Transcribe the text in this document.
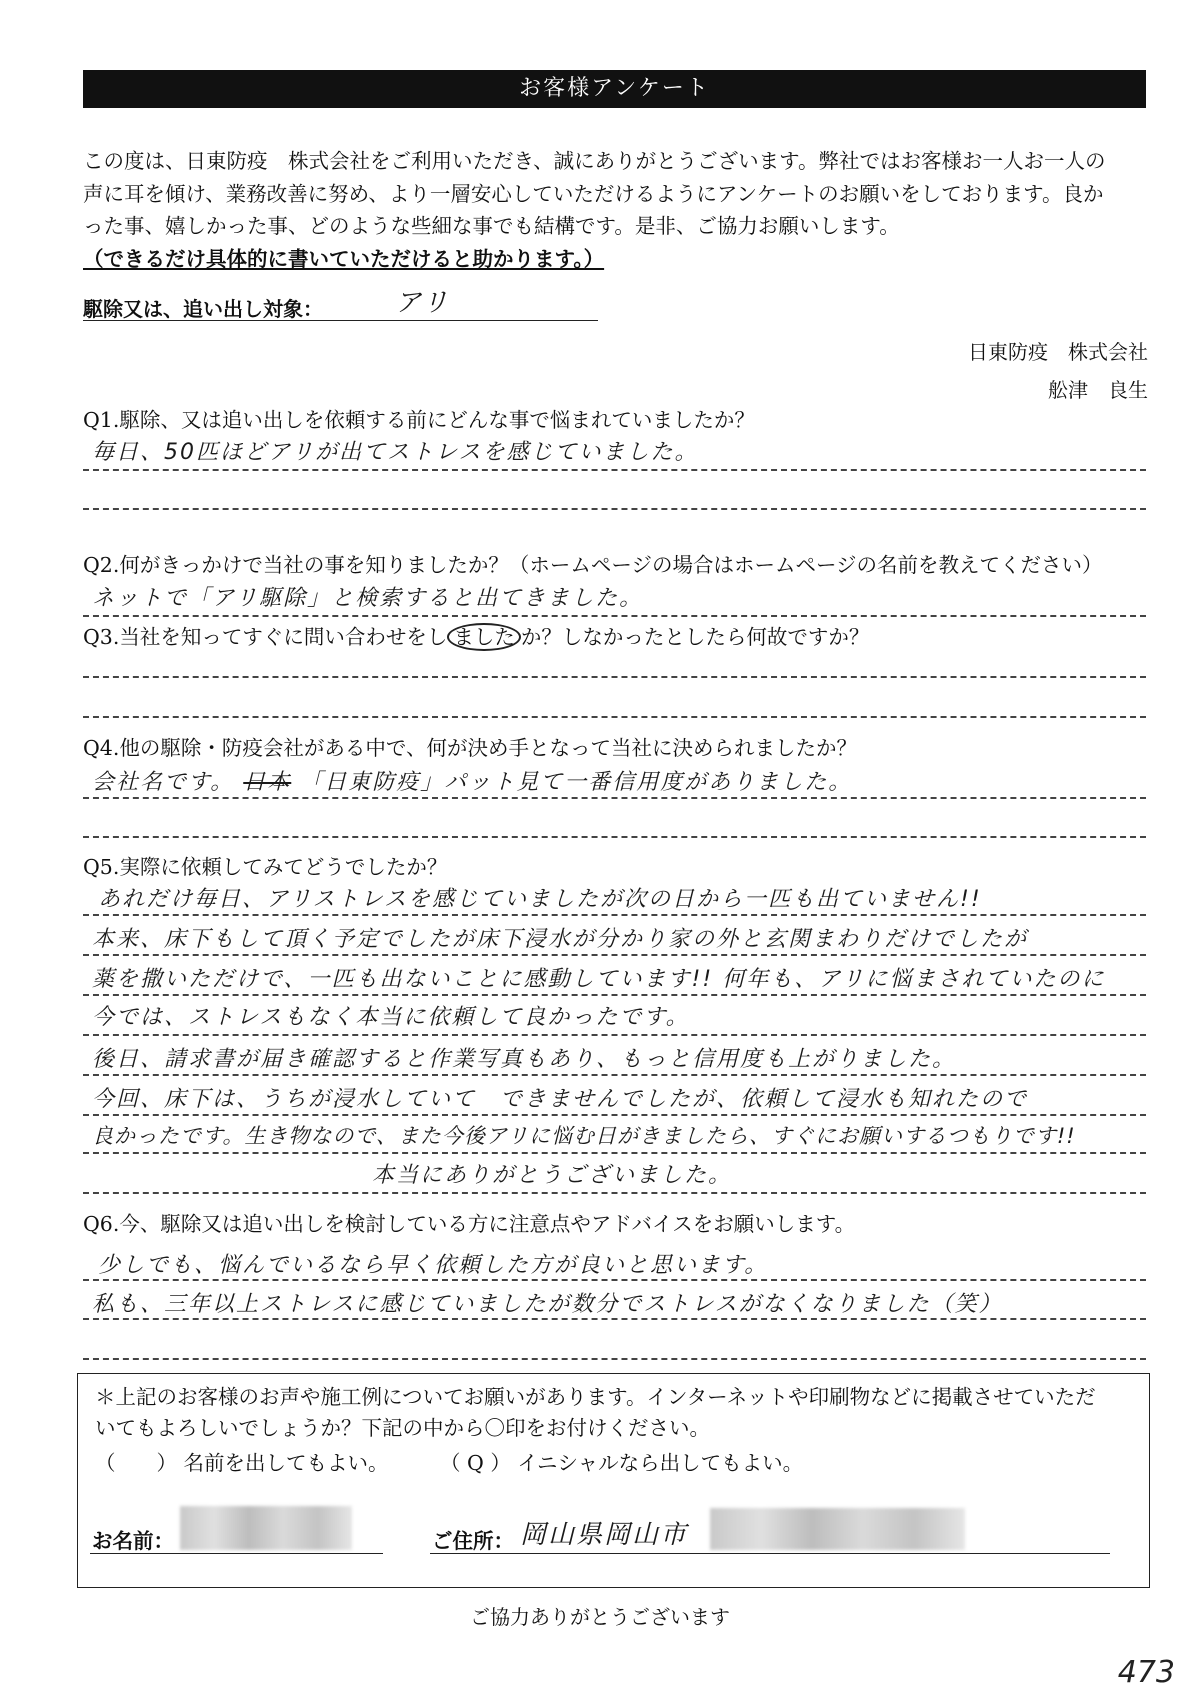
お客様アンケート

この度は、日東防疫　株式会社をご利用いただき、誠にありがとうございます。弊社ではお客様お一人お一人の

声に耳を傾け、業務改善に努め、より一層安心していただけるようにアンケートのお願いをしております。良か

った事、嬉しかった事、どのような些細な事でも結構です。是非、ご協力お願いします。

（できるだけ具体的に書いていただけると助かります。）

駆除又は、追い出し対象：	アリ
日東防疫　株式会社
舩津　良生
Q1.駆除、又は追い出しを依頼する前にどんな事で悩まれていましたか？
毎日、50匹ほどアリが出てストレスを感じていました。
Q2.何がきっかけで当社の事を知りましたか？（ホームページの場合はホームページの名前を教えてください）
ネットで「アリ駆除」と検索すると出てきました。
Q3.当社を知ってすぐに問い合わせをし ました か？しなかったとしたら何故ですか？
Q4.他の駆除・防疫会社がある中で、何が決め手となって当社に決められましたか？
会社名です。 日本 「日東防疫」パット見て一番信用度がありました。
Q5.実際に依頼してみてどうでしたか？
あれだけ毎日、アリストレスを感じていましたが次の日から一匹も出ていません!!
本来、床下もして頂く予定でしたが床下浸水が分かり家の外と玄関まわりだけでしたが
薬を撒いただけで、一匹も出ないことに感動しています!! 何年も、アリに悩まされていたのに
今では、ストレスもなく本当に依頼して良かったです。
後日、請求書が届き確認すると作業写真もあり、もっと信用度も上がりました。
今回、床下は、うちが浸水していて　できませんでしたが、依頼して浸水も知れたので
良かったです。生き物なので、また今後アリに悩む日がきましたら、すぐにお願いするつもりです!!
本当にありがとうございました。
Q6.今、駆除又は追い出しを検討している方に注意点やアドバイスをお願いします。
少しでも、悩んでいるなら早く依頼した方が良いと思います。
私も、三年以上ストレスに感じていましたが数分でストレスがなくなりました（笑）

＊上記のお客様のお声や施工例についてお願いがあります。インターネットや印刷物などに掲載させていただ

いてもよろしいでしょうか？下記の中から〇印をお付けください。

（　　） 名前を出してもよい。	（ Q ） イニシャルなら出してもよい。
お名前：	ご住所： 岡山県岡山市
ご協力ありがとうございます
473
